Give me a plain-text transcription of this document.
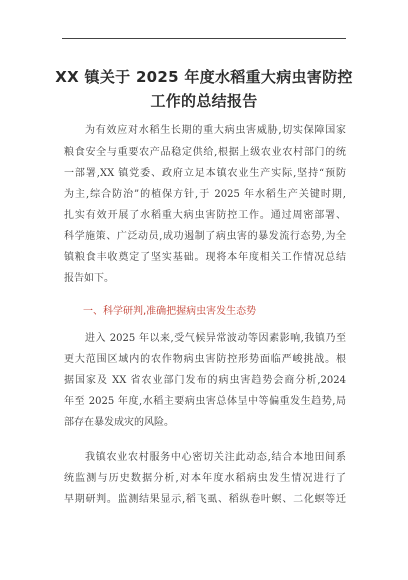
XX 镇关于 2025 年度水稻重大病虫害防控
工作的总结报告
为有效应对水稻生长期的重大病虫害威胁,切实保障国家
粮食安全与重要农产品稳定供给,根据上级农业农村部门的统
一部署,XX 镇党委、政府立足本镇农业生产实际,坚持“预防
为主,综合防治”的植保方针,于 2025 年水稻生产关键时期,
扎实有效开展了水稻重大病虫害防控工作。通过周密部署、
科学施策、广泛动员,成功遏制了病虫害的暴发流行态势,为全
镇粮食丰收奠定了坚实基础。现将本年度相关工作情况总结
报告如下。
一、科学研判,准确把握病虫害发生态势
进入 2025 年以来,受气候异常波动等因素影响,我镇乃至
更大范围区域内的农作物病虫害防控形势面临严峻挑战。根
据国家及 XX 省农业部门发布的病虫害趋势会商分析,2024
年至 2025 年度,水稻主要病虫害总体呈中等偏重发生趋势,局
部存在暴发成灾的风险。
我镇农业农村服务中心密切关注此动态,结合本地田间系
统监测与历史数据分析,对本年度水稻病虫发生情况进行了
早期研判。监测结果显示,稻飞虱、稻纵卷叶螟、二化螟等迁
